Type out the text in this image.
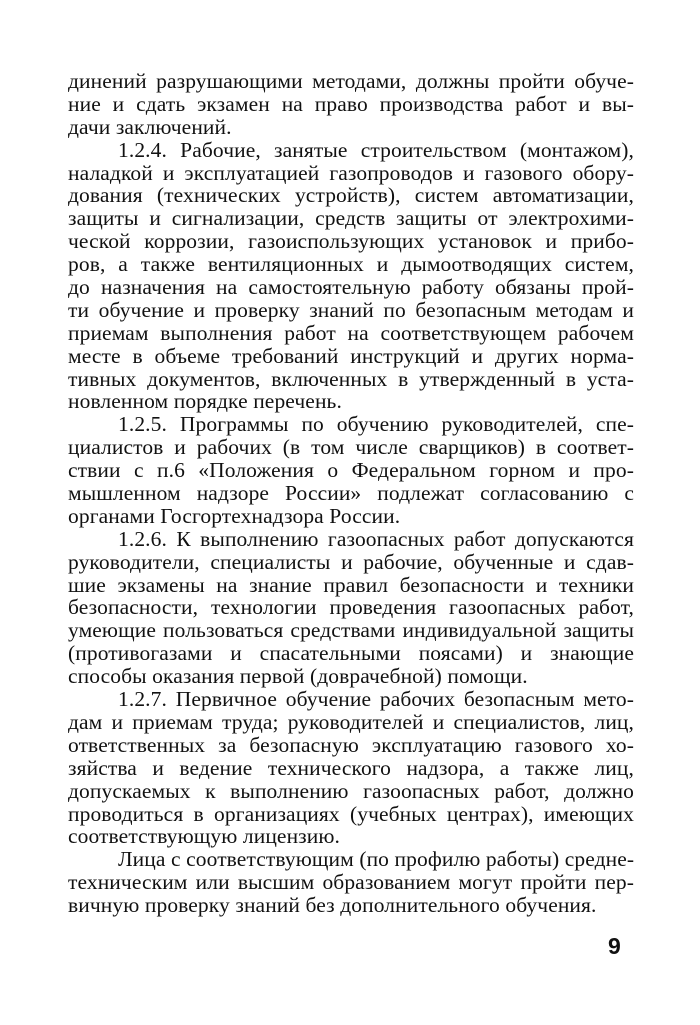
динений разрушающими методами, должны пройти обуче-
ние и сдать экзамен на право производства работ и вы-
дачи заключений.
1.2.4. Рабочие, занятые строительством (монтажом),
наладкой и эксплуатацией газопроводов и газового обору-
дования (технических устройств), систем автоматизации,
защиты и сигнализации, средств защиты от электрохими-
ческой коррозии, газоиспользующих установок и прибо-
ров, а также вентиляционных и дымоотводящих систем,
до назначения на самостоятельную работу обязаны прой-
ти обучение и проверку знаний по безопасным методам и
приемам выполнения работ на соответствующем рабочем
месте в объеме требований инструкций и других норма-
тивных документов, включенных в утвержденный в уста-
новленном порядке перечень.
1.2.5. Программы по обучению руководителей, спе-
циалистов и рабочих (в том числе сварщиков) в соответ-
ствии с п.6 «Положения о Федеральном горном и про-
мышленном надзоре России» подлежат согласованию с
органами Госгортехнадзора России.
1.2.6. К выполнению газоопасных работ допускаются
руководители, специалисты и рабочие, обученные и сдав-
шие экзамены на знание правил безопасности и техники
безопасности, технологии проведения газоопасных работ,
умеющие пользоваться средствами индивидуальной защиты
(противогазами и спасательными поясами) и знающие
способы оказания первой (доврачебной) помощи.
1.2.7. Первичное обучение рабочих безопасным мето-
дам и приемам труда; руководителей и специалистов, лиц,
ответственных за безопасную эксплуатацию газового хо-
зяйства и ведение технического надзора, а также лиц,
допускаемых к выполнению газоопасных работ, должно
проводиться в организациях (учебных центрах), имеющих
соответствующую лицензию.
Лица с соответствующим (по профилю работы) средне-
техническим или высшим образованием могут пройти пер-
вичную проверку знаний без дополнительного обучения.
9
